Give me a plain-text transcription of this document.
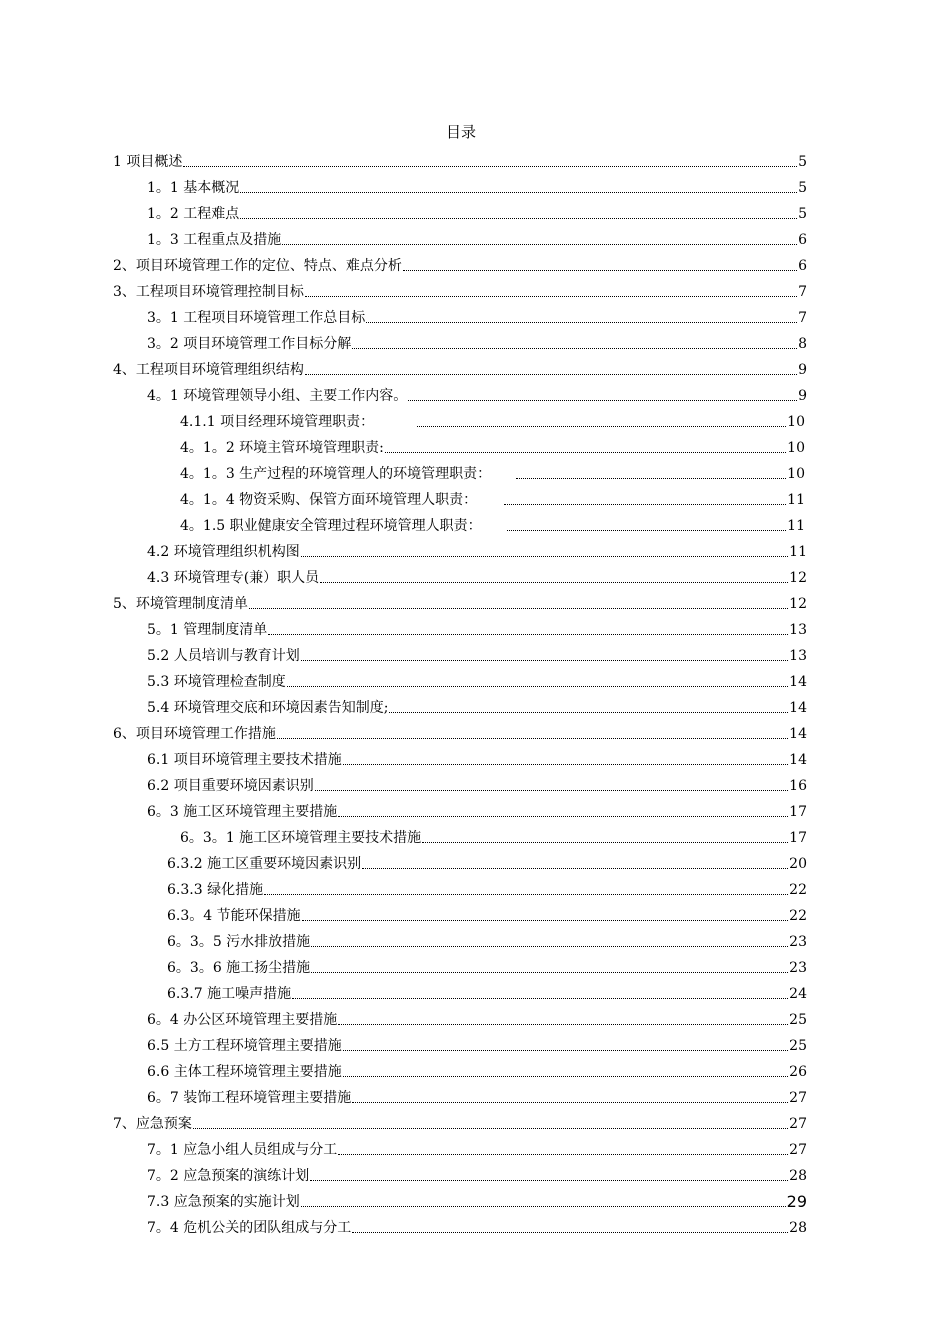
目录
1 项目概述	5
1。1 基本概况	5
1。2 工程难点	5
1。3 工程重点及措施	6
2、项目环境管理工作的定位、特点、难点分析	6
3、工程项目环境管理控制目标	7
3。1 工程项目环境管理工作总目标	7
3。2 项目环境管理工作目标分解	8
4、工程项目环境管理组织结构	9
4。1 环境管理领导小组、主要工作内容。	9
4.1.1 项目经理环境管理职责：	10
4。1。2 环境主管环境管理职责:	10
4。1。3 生产过程的环境管理人的环境管理职责：	10
4。1。4 物资采购、保管方面环境管理人职责：	11
4。1.5 职业健康安全管理过程环境管理人职责：	11
4.2 环境管理组织机构图	11
4.3 环境管理专(兼）职人员	12
5、环境管理制度清单	12
5。1 管理制度清单	13
5.2 人员培训与教育计划	13
5.3 环境管理检查制度	14
5.4 环境管理交底和环境因素告知制度;	14
6、项目环境管理工作措施	14
6.1 项目环境管理主要技术措施	14
6.2 项目重要环境因素识别	16
6。3 施工区环境管理主要措施	17
6。3。1 施工区环境管理主要技术措施	17
6.3.2 施工区重要环境因素识别	20
6.3.3 绿化措施	22
6.3。4 节能环保措施	22
6。3。5 污水排放措施	23
6。3。6 施工扬尘措施	23
6.3.7 施工噪声措施	24
6。4 办公区环境管理主要措施	25
6.5 土方工程环境管理主要措施	25
6.6 主体工程环境管理主要措施	26
6。7 装饰工程环境管理主要措施	27
7、应急预案	27
7。1 应急小组人员组成与分工	27
7。2 应急预案的演练计划	28
7.3 应急预案的实施计划	29
7。4 危机公关的团队组成与分工	28
